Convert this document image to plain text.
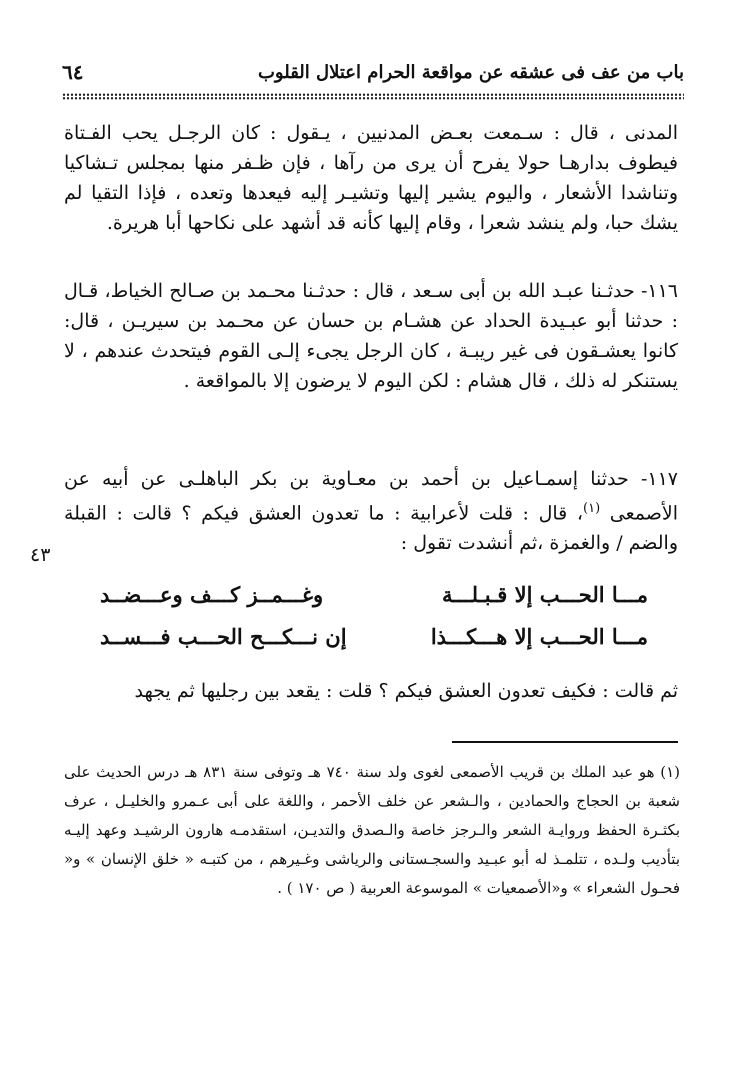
باب من عف فى عشقه عن مواقعة الحرام اعتلال القلوب
٦٤

المدنى ، قال : سـمعت بعـض المدنيين ، يـقول : كان الرجـل يحب الفـتاة فيطوف بدارهـا حولا يفرح أن يرى من رآها ، فإن ظـفر منها بمجلس تـشاكيا وتناشدا الأشعار ، واليوم يشير إليها وتشيـر إليه فيعدها وتعده ، فإذا التقيا لم يشك حبا، ولم ينشد شعرا ، وقام إليها كأنه قد أشهد على نكاحها أبا هريرة.

١١٦- حدثـنا عبـد الله بن أبى سـعد ، قال : حدثـنا محـمد بن صـالح الخياط، قـال : حدثنا أبو عبـيدة الحداد عن هشـام بن حسان عن محـمد بن سيريـن ، قال: كانوا يعشـقون فى غير ريبـة ، كان الرجل يجىء إلـى القوم فيتحدث عندهم ، لا يستنكر له ذلك ، قال هشام : لكن اليوم لا يرضون إلا بالمواقعة .

١١٧- حدثنا إسمـاعيل بن أحمد بن معـاوية بن بكر الباهلـى عن أبيه عن الأصمعى $^{(١)}$، قال : قلت لأعرابية : ما تعدون العشق فيكم ؟ قالت : القبلة والضم / والغمزة ،ثم أنشدت تقول :

٤٣
مـــا الحـــب إلا قـبـلـــة
وغـــمــز كـــف وعـــضــد
مـــا الحـــب إلا هـــكـــذا
إن نـــكـــح الحـــب فـــســد
ثم قالت : فكيف تعدون العشق فيكم ؟ قلت : يقعد بين رجليها ثم يجهد

(١) هو عبد الملك بن قريب الأصمعى لغوى ولد سنة ٧٤٠ هـ وتوفى سنة ٨٣١ هـ درس الحديث على شعبة بن الحجاج والحمادين ، والـشعر عن خلف الأحمر ، واللغة على أبى عـمرو والخليـل ، عرف بكثـرة الحفظ وروايـة الشعر والـرجز خاصة والـصدق والتديـن، استقدمـه هارون الرشيـد وعهد إليـه بتأديب ولـده ، تتلمـذ له أبو عبـيد والسجـستانى والرياشى وغـيرهم ، من كتبـه « خلق الإنسان » و« فحـول الشعراء » و«الأصمعيات » الموسوعة العربية ( ص ١٧٠ ) .
